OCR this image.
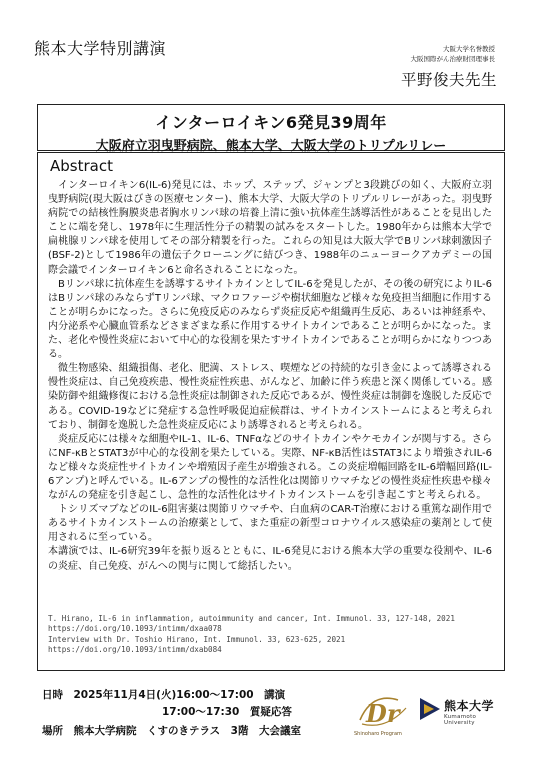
熊本大学特別講演	大阪大学名誉教授
大阪国際がん治療財団理事長
平野俊夫先生
インターロイキン6発見39周年
大阪府立羽曳野病院、熊本大学、大阪大学のトリプルリレー
Abstract

インターロイキン6(IL-6)発見には、ホップ、ステップ、ジャンプと3段跳びの如く、大阪府立羽曳野病院(現大阪はびきの医療センター)、熊本大学、大阪大学のトリプルリレーがあった。羽曳野病院での結核性胸膜炎患者胸水リンパ球の培養上清に強い抗体産生誘導活性があることを見出したことに端を発し、1978年に生理活性分子の精製の試みをスタートした。1980年からは熊本大学で扁桃腺リンパ球を使用してその部分精製を行った。これらの知見は大阪大学でBリンパ球刺激因子(BSF-2)として1986年の遺伝子クローニングに結びつき、1988年のニューヨークアカデミーの国際会議でインターロイキン6と命名されることになった。

Bリンパ球に抗体産生を誘導するサイトカインとしてIL-6を発見したが、その後の研究によりIL-6はBリンパ球のみならずTリンパ球、マクロファージや樹状細胞など様々な免疫担当細胞に作用することが明らかになった。さらに免疫反応のみならず炎症反応や組織再生反応、あるいは神経系や、内分泌系や心臓血管系などさまざまな系に作用するサイトカインであることが明らかになった。また、老化や慢性炎症において中心的な役割を果たすサイトカインであることが明らかになりつつある。

微生物感染、組織損傷、老化、肥満、ストレス、喫煙などの持続的な引き金によって誘導される慢性炎症は、自己免疫疾患、慢性炎症性疾患、がんなど、加齢に伴う疾患と深く関係している。感染防御や組織修復における急性炎症は制御された反応であるが、慢性炎症は制御を逸脱した反応である。COVID-19などに発症する急性呼吸促迫症候群は、サイトカインストームによると考えられており、制御を逸脱した急性炎症反応により誘導されると考えられる。

炎症反応には様々な細胞やIL-1、IL-6、TNFαなどのサイトカインやケモカインが関与する。さらにNF-κBとSTAT3が中心的な役割を果たしている。実際、NF-κB活性はSTAT3により増強されIL-6など様々な炎症性サイトカインや増殖因子産生が増強される。この炎症増幅回路をIL-6増幅回路(IL-6アンプ)と呼んでいる。IL-6アンプの慢性的な活性化は関節リウマチなどの慢性炎症性疾患や様々ながんの発症を引き起こし、急性的な活性化はサイトカインストームを引き起こすと考えられる。

トシリズマブなどのIL-6阻害薬は関節リウマチや、白血病のCAR-T治療における重篤な副作用であるサイトカインストームの治療薬として、また重症の新型コロナウイルス感染症の薬剤として使用されるに至っている。

本講演では、IL-6研究39年を振り返るとともに、IL-6発見における熊本大学の重要な役割や、IL-6 の炎症、自己免疫、がんへの関与に関して総括したい。

T. Hirano, IL-6 in inflammation, autoimmunity and cancer, Int. Immunol. 33, 127-148, 2021
https://doi.org/10.1093/intimm/dxaa078
Interview with Dr. Toshio Hirano, Int. Immunol. 33, 623-625, 2021
https://doi.org/10.1093/intimm/dxab084
日時　2025年11月4日(火)16:00～17:00　講演
17:00～17:30　質疑応答
場所　熊本大学病院　くすのきテラス　3階　大会議室
Dr
Shinoharo Program
熊本大学
Kumamoto University
